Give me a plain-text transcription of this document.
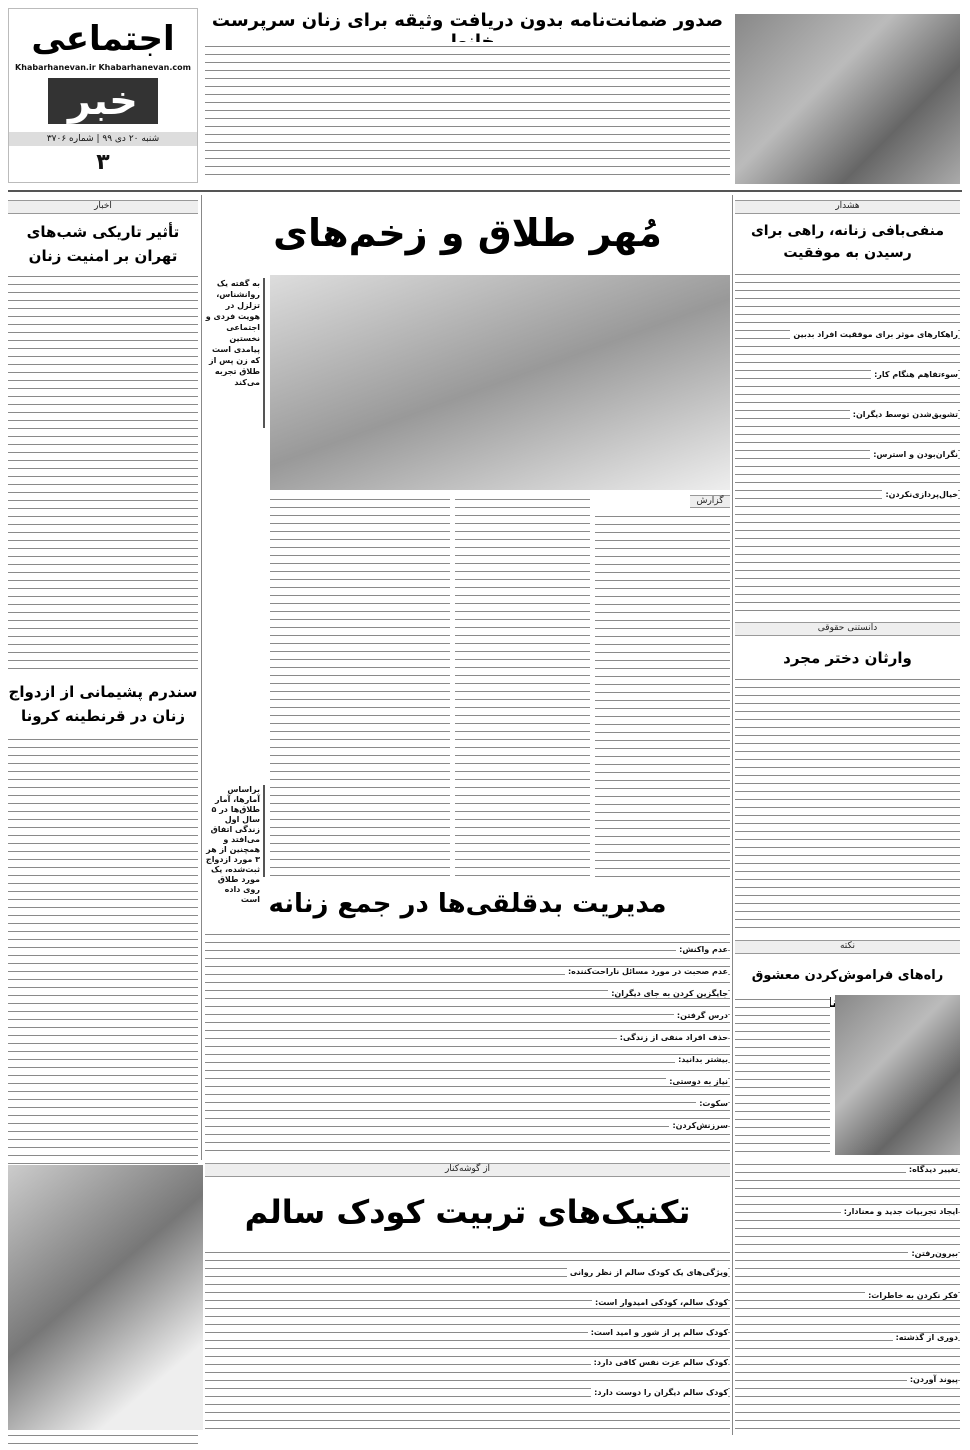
اجتماعی
Khabarhanevan.ir Khabarhanevan.com
خبر
شنبه ۲۰ دی ۹۹ | شماره ۳۷۰۶
۳
صدور ضمانت‌نامه بدون دریافت وثیقه برای زنان سرپرست
اخبار
تأثیر تاریکی شب‌های تهران بر امنیت زنان
سندرم پشیمانی از ازدواج زنان در قرنطینه کرونا
مُهر طلاق و زخم‌های
به گفته یک روانشناس، تزلزل در هویت فردی و اجتماعی نخستین پیامدی است که زن پس از طلاق تجربه می‌کند
گزارش
براساس آمارها، آمار طلاق‌ها در ۵ سال اول زندگی اتفاق می‌افتد و همچنین از هر ۳ مورد ازدواج ثبت‌شده، یک مورد طلاق روی داده است مدیریت بدقلقی‌ها در جمع زنانه
عدم واکنش:
عدم صحبت در مورد مسائل ناراحت‌کننده:
جایگزین کردن به جای دیگران:
درس گرفتن:
حذف افراد منفی از زندگی:
بیشتر بدانید:
نیاز به دوستی:
سکوت:
سرزنش‌کردن:
هشدار
منفی‌بافی زنانه، راهی برای رسیدن به موفقیت
راهکارهای موثر برای موفقیت افراد بدبین
سوءتفاهم هنگام کار:
تشویق‌شدن توسط دیگران:
نگران‌بودن و استرس:
خیال‌پردازی‌نکردن:
دانستنی حقوقی
وارثان دختر مجرد
نکته
راه‌های فراموش‌کردن معشوق زنان
تغییر دیدگاه:
ایجاد تجربیات جدید و معنادار:
بیرون‌رفتن:
فکر نکردن به خاطرات:
دوری از گذشته:
پیوند آوردن:
از گوشه‌کنار
تکنیک‌های تربیت کودک سالم
ویژگی‌های یک کودک سالم از نظر روانی
کودک سالم، کودکی امیدوار است:
کودک سالم پر از شور و امید است:
کودک سالم عزت نفس کافی دارد:
کودک سالم دیگران را دوست دارد:
